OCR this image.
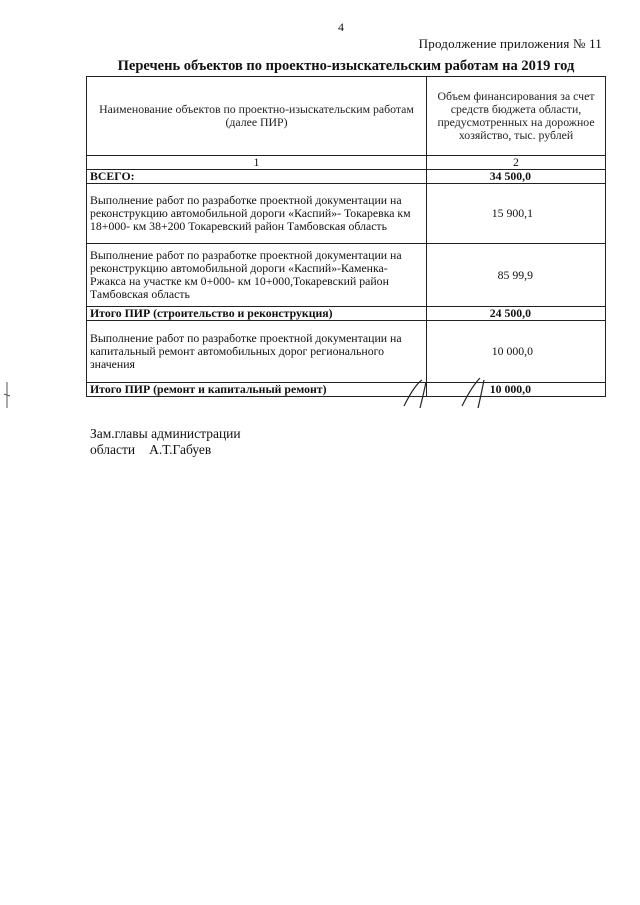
4
Продолжение приложения № 11
Перечень объектов по проектно-изыскательским работам на 2019 год
Наименование объектов по проектно-изыскательским работам (далее ПИР)	Объем финансирования за счет средств бюджета области, предусмотренных на дорожное хозяйство, тыс. рублей
1	2
ВСЕГО:	34 500,0
Выполнение работ по разработке проектной документации на реконструкцию автомобильной дороги «Каспий»- Токаревка км 18+000- км 38+200 Токаревский район Тамбовская область	15 900,1
Выполнение работ по разработке проектной документации на реконструкцию автомобильной дороги «Каспий»-Каменка-Ржакса на участке км 0+000- км 10+000,Токаревский район Тамбовская область	85 99,9
Итого ПИР (строительство и реконструкция)	24 500,0
Выполнение работ по разработке проектной документации на капитальный ремонт автомобильных дорог регионального значения	10 000,0
Итого ПИР (ремонт и капитальный ремонт)	10 000,0
Зам.главы администрации
области А.Т.Габуев
